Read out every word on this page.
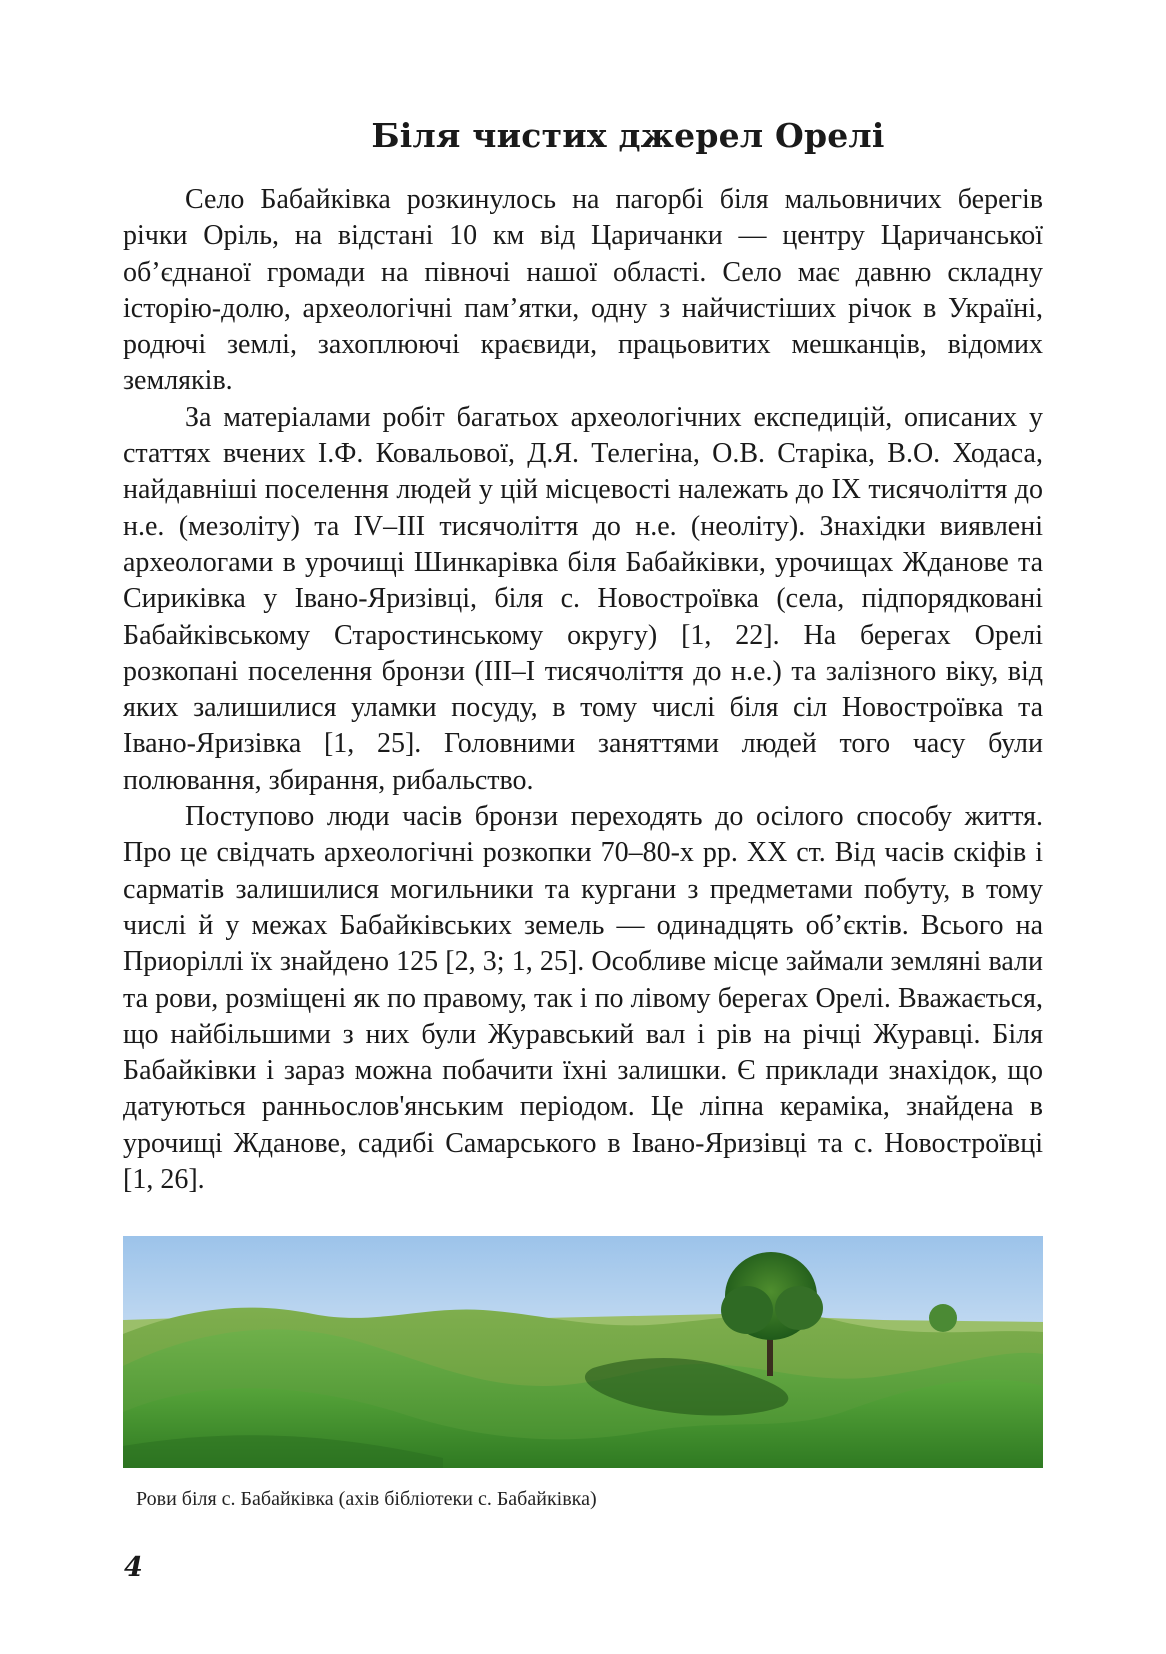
Біля чистих джерел Орелі

Село Бабайківка розкинулось на пагорбі біля мальовничих берегів річки Оріль, на відстані 10 км від Царичанки — центру Царичанської об’єднаної громади на півночі нашої області. Село має давню складну історію-долю, археологічні пам’ятки, одну з найчистіших річок в Україні, родючі землі, захоплюючі краєвиди, працьовитих мешканців, відомих земляків.

За матеріалами робіт багатьох археологічних експедицій, описаних у статтях вчених І.Ф. Ковальової, Д.Я. Телегіна, О.В. Старіка, В.О. Ходаса, найдавніші поселення людей у цій місцевості належать до ІХ тисячоліття до н.е. (мезоліту) та IV–ІІІ тисячоліття до н.е. (неоліту). Знахідки виявлені археологами в урочищі Шинкарівка біля Бабайківки, урочищах Жданове та Сириківка у Івано-Яризівці, біля с. Новостроївка (села, підпорядковані Бабайківському Старостинському округу) [1, 22]. На берегах Орелі розкопані поселення бронзи (ІІІ–І тисячоліття до н.е.) та залізного віку, від яких залишилися уламки посуду, в тому числі біля сіл Новостроївка та Івано-Яризівка [1, 25]. Головними заняттями людей того часу були полювання, збирання, рибальство.

Поступово люди часів бронзи переходять до осілого способу життя. Про це свідчать археологічні розкопки 70–80-х рр. ХХ ст. Від часів скіфів і сарматів залишилися могильники та кургани з предметами побуту, в тому числі й у межах Бабайківських земель — одинадцять об’єктів. Всього на Приоріллі їх знайдено 125 [2, 3; 1, 25]. Особливе місце займали земляні вали та рови, розміщені як по правому, так і по лівому берегах Орелі. Вважається, що найбільшими з них були Журавський вал і рів на річці Журавці. Біля Бабайківки і зараз можна побачити їхні залишки. Є приклади знахідок, що датуються ранньослов'янським періодом. Це ліпна кераміка, знайдена в урочищі Жданове, садибі Самарського в Івано-Яризівці та с. Новостроївці [1, 26].

Рови біля с. Бабайківка (ахів бібліотеки с. Бабайківка)
4
